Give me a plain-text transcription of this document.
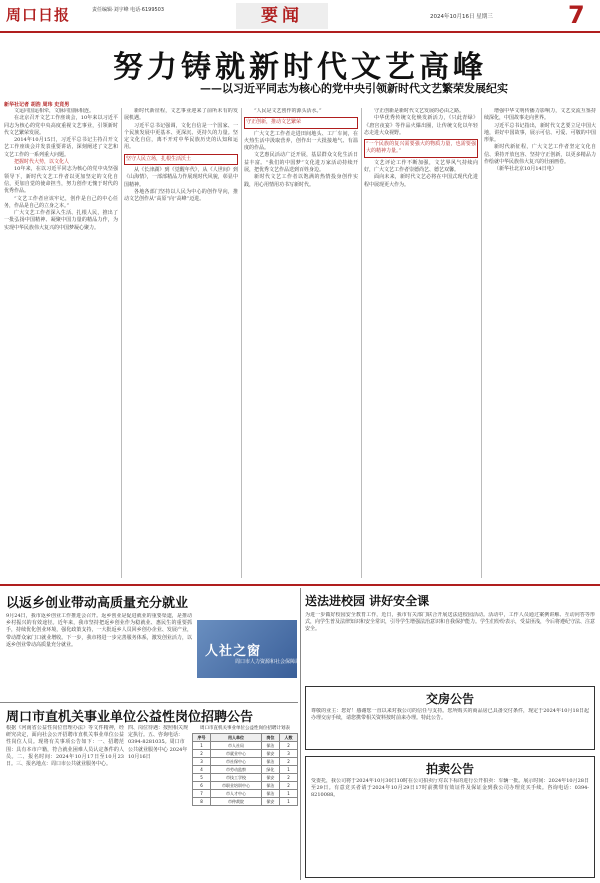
周口日报	责任编辑·刘宇峰 电话·6199503	要闻	2024年10月16日 星期三	7
努力铸就新时代文艺高峰
——以习近平同志为核心的党中央引领新时代文艺繁荣发展纪实
新华社记者 胡浩 周玮 史竞男

文运同国运相牵，文脉同国脉相连。

在北京召开文艺工作座谈会，10年来以习近平同志为核心的党中央高度重视文艺事业，引领新时代文艺繁荣发展。

2014年10月15日，习近平总书记主持召开文艺工作座谈会并发表重要讲话，深刻阐述了文艺和文艺工作的一系列重大问题。

把握时代大势，以文化人

10年来，在以习近平同志为核心的党中央坚强领导下，新时代文艺工作者以更加坚定的文化自信，更加自觉的使命担当，努力创作无愧于时代的优秀作品。

“文艺工作者应该牢记，创作是自己的中心任务，作品是自己的立身之本。”

广大文艺工作者深入生活、扎根人民，推出了一批弘扬中国精神、凝聚中国力量的精品力作，为实现中华民族伟大复兴的中国梦凝心聚力。

新时代新征程，文艺事业迎来了前所未有的发展机遇。

习近平总书记强调，文化自信是一个国家、一个民族发展中更基本、更深沉、更持久的力量。坚定文化自信，离不开对中华民族历史的认知和运用。

坚守人民立场，扎根生活沃土

从《长津湖》到《觉醒年代》，从《人世间》到《山海情》，一部部精品力作展现时代风貌，彰显中国精神。

各地各部门坚持以人民为中心的创作导向，推动文艺创作从“高原”向“高峰”迈进。

“人民是文艺创作的源头活水。”

守正创新，推动文艺繁荣

广大文艺工作者走进田间地头、工厂车间，在火热生活中汲取营养，创作出一大批接地气、有温度的作品。

文艺惠民活动广泛开展，基层群众文化生活日益丰富。“我们的中国梦”文化进万家活动持续开展，把优秀文艺作品送到百姓身边。

新时代文艺工作者以饱满的热情投身创作实践，用心用情用功书写新时代。

守正创新是新时代文艺发展的必由之路。

中华优秀传统文化焕发新活力，《只此青绿》《唐宫夜宴》等作品火爆出圈，让传统文化以年轻态走进大众视野。

“一个民族的复兴需要强大的物质力量，也需要强大的精神力量。”

文艺评论工作不断加强，文艺界风气持续向好，广大文艺工作者崇德尚艺、德艺双馨。

面向未来，新时代文艺必将在中国式现代化进程中展现更大作为。

增强中华文明传播力影响力，文艺交流互鉴持续深化，中国故事走向世界。

习近平总书记指出，新时代文艺要立足中国大地，讲好中国故事，展示可信、可爱、可敬的中国形象。

新时代新征程，广大文艺工作者坚定文化自信、秉持开放包容、坚持守正创新，以更多精品力作绘就中华民族伟大复兴的壮丽画卷。

（新华社北京10月14日电）

以返乡创业带动高质量充分就业
9月24日，我市返乡创业工作推进会召开。返乡创业是促进就业的重要渠道，是推动乡村振兴的有效途径。近年来，我市坚持把返乡创业作为稳就业、惠民生的重要抓手，持续优化创业环境，强化政策支持，一大批返乡人员回乡创办企业、发展产业，带动群众家门口就业增收。下一步，我市将进一步完善服务体系，激发创业活力，以返乡创业带动高质量充分就业。	人社之窗
周口市人力资源和社会保障局
周口市直机关事业单位公益性岗位招聘公告
根据《河南省公益性岗位管理办法》等文件精神，经研究决定，面向社会公开招聘市直机关事业单位公益性岗位人员。现将有关事项公告如下：一、招聘范围：具有本市户籍，符合就业困难人员认定条件的人员。二、报名时间：2024年10月17日至10月23日。三、报名地点：周口市公共就业服务中心。
四、岗位待遇：按照相关规定执行。五、咨询电话：0394-8281035。周口市公共就业服务中心 2024年10月16日
周口市直机关事业单位公益性岗位招聘计划表
序号	用人单位	岗位	人数
1	市人社局	保洁	2
2	市就业中心	保安	3
3	市社保中心	保洁	2
4	市劳动监察	绿化	1
5	市技工学校	保安	2
6	市职业培训中心	保洁	2
7	市人才中心	保洁	1
8	市仲裁院	保安	1
送法进校园 讲好安全课
为进一步做好校园安全教育工作，近日，我市有关部门联合开展送法进校园活动。活动中，工作人员通过案例讲解、互动问答等形式，向学生普及法律知识和安全常识，引导学生增强法治意识和自我保护能力。学生们纷纷表示，受益匪浅，今后将遵纪守法、注意安全。
交房公告
尊敬的业主：您好！感谢您一直以来对我公司的信任与支持。您所购买的商品房已具备交付条件，现定于2024年10月18日起办理交房手续，请您携带相关资料按时前来办理。特此公告。
拍卖公告
受委托，我公司将于2024年10月30日10时在公司拍卖厅对以下标的进行公开拍卖：车辆一批。展示时间：2024年10月28日至29日。有意竞买者请于2024年10月29日17时前携带有效证件及保证金到我公司办理竞买手续。咨询电话：0394-8210088。
